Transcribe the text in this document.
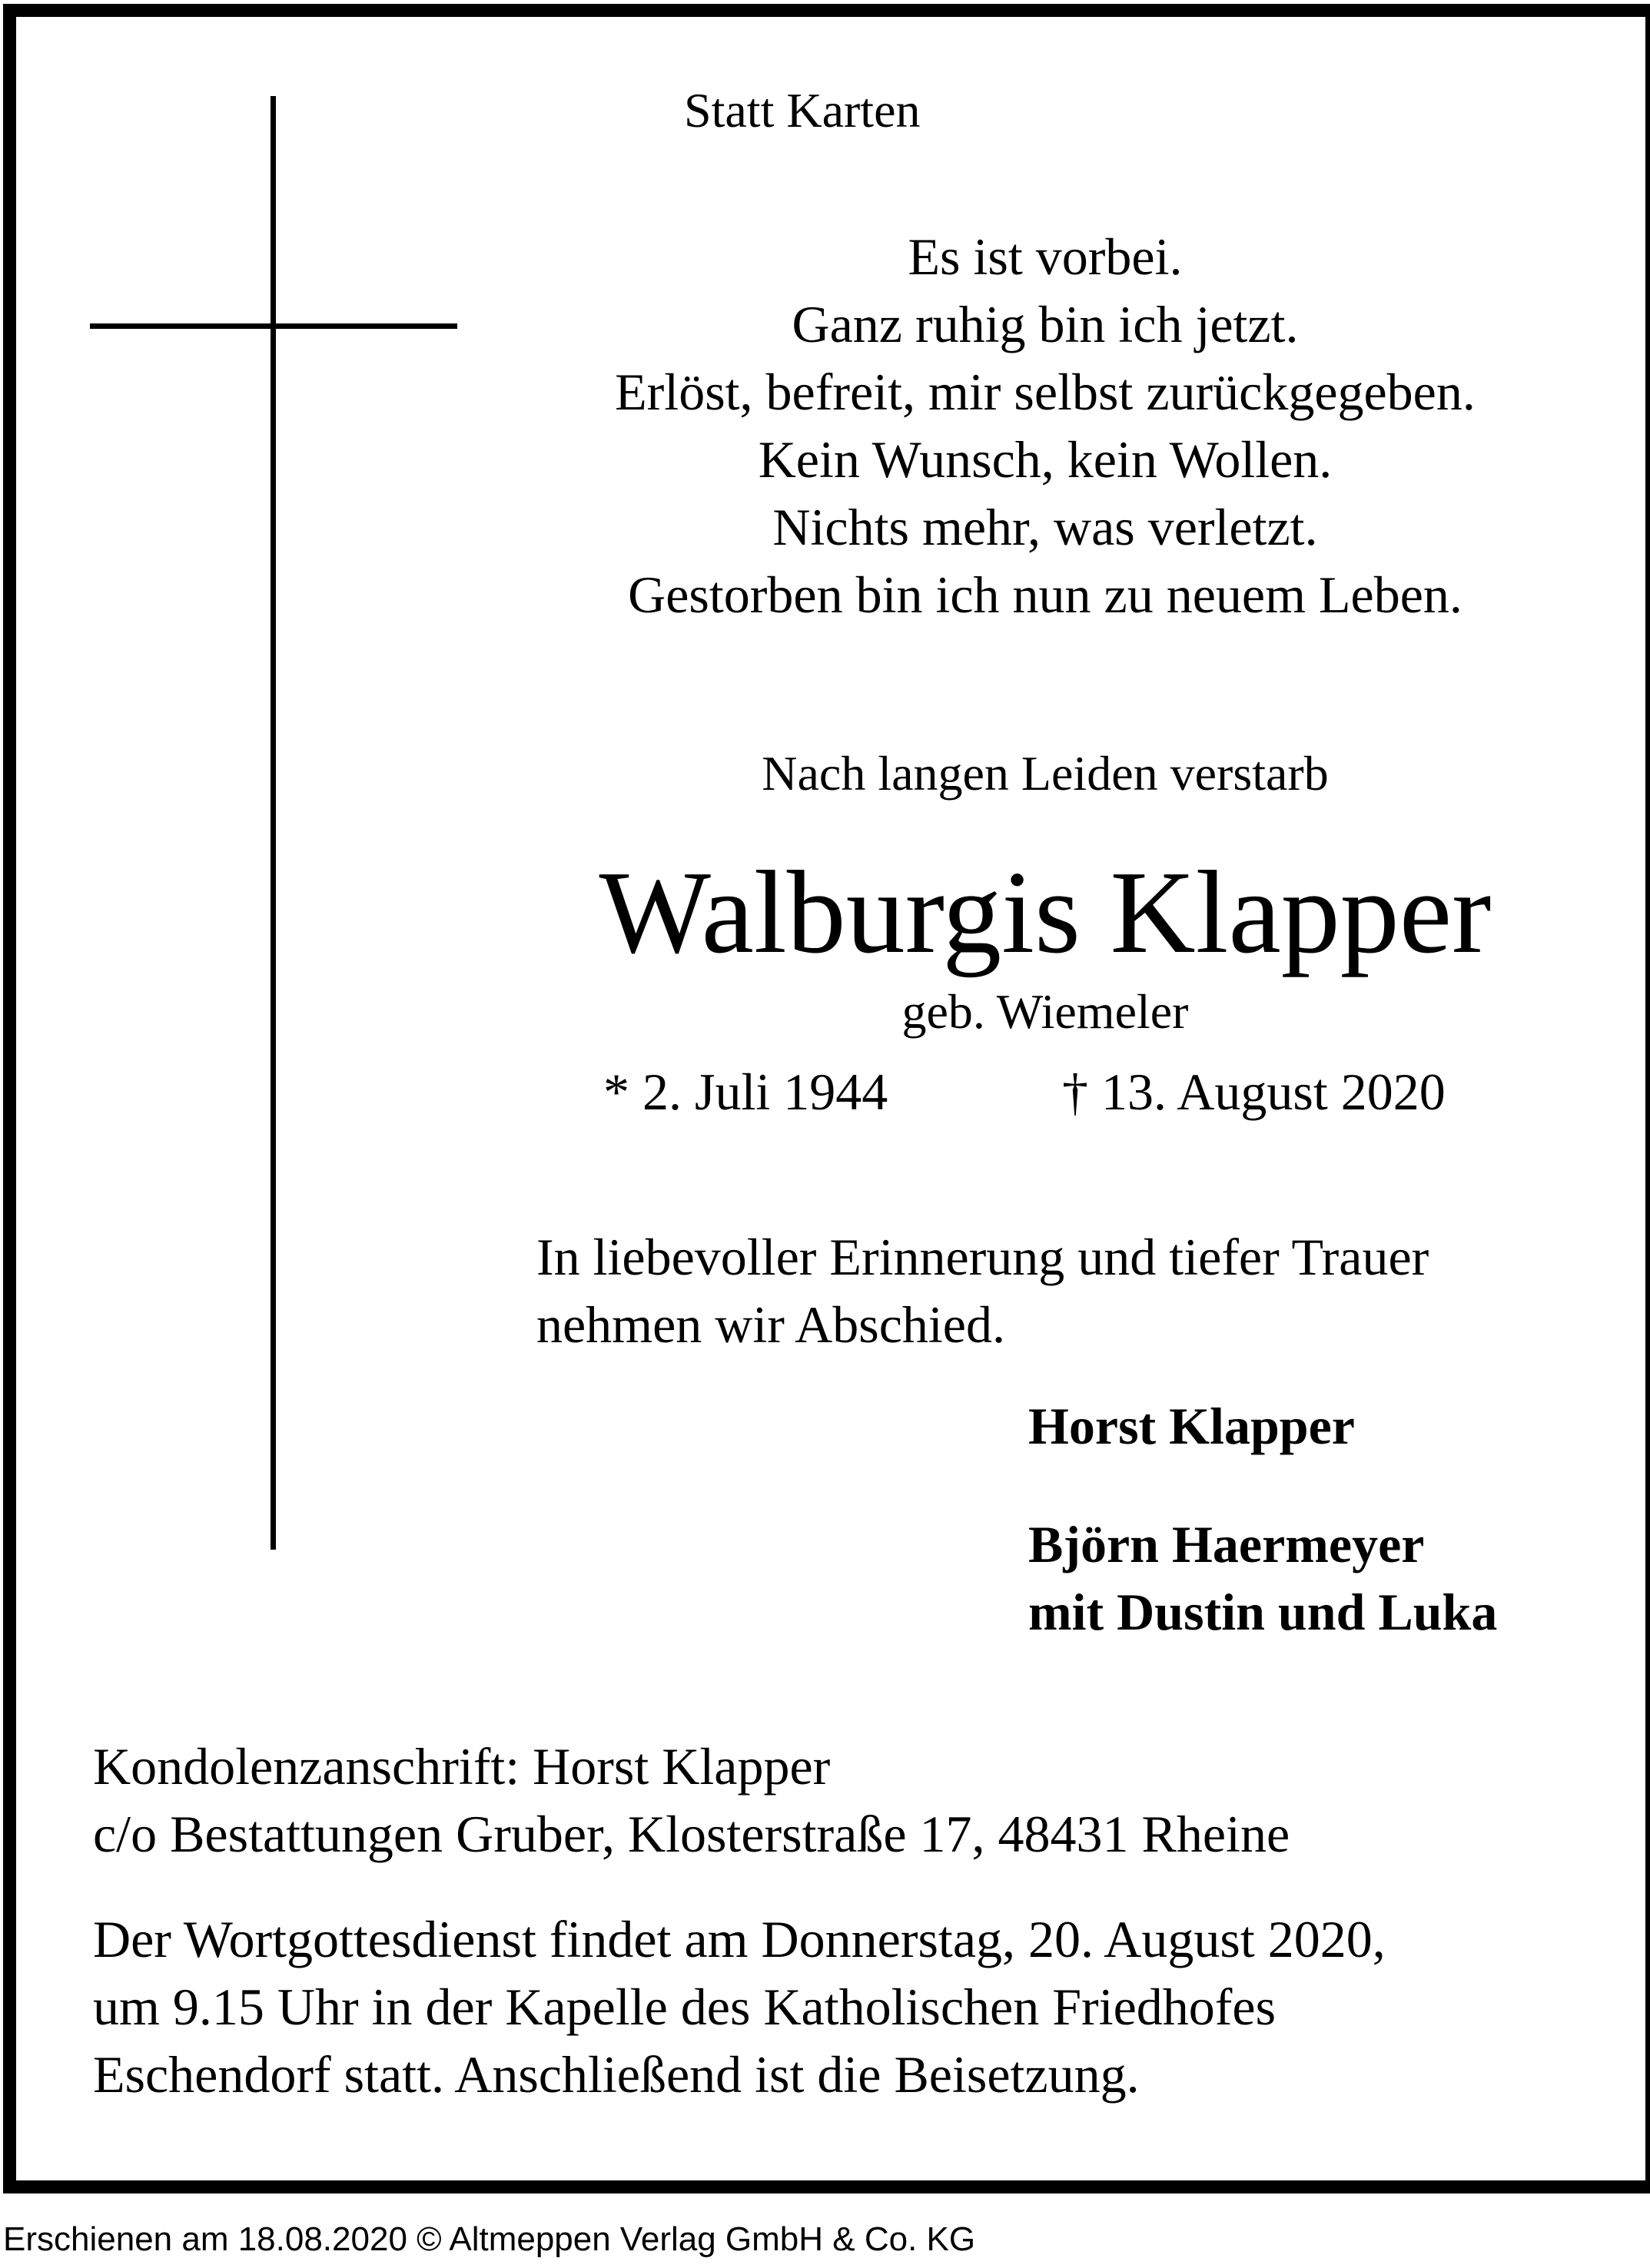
Statt Karten
Es ist vorbei.
Ganz ruhig bin ich jetzt.
Erlöst, befreit, mir selbst zurückgegeben.
Kein Wunsch, kein Wollen.
Nichts mehr, was verletzt.
Gestorben bin ich nun zu neuem Leben.
Nach langen Leiden verstarb
Walburgis Klapper
geb. Wiemeler
* 2. Juli 1944	† 13. August 2020
In liebevoller Erinnerung und tiefer Trauer
nehmen wir Abschied.
Horst Klapper
Björn Haermeyer
mit Dustin und Luka
Kondolenzanschrift: Horst Klapper
c/o Bestattungen Gruber, Klosterstraße 17, 48431 Rheine
Der Wortgottesdienst findet am Donnerstag, 20. August 2020,
um 9.15 Uhr in der Kapelle des Katholischen Friedhofes
Eschendorf statt. Anschließend ist die Beisetzung.
Erschienen am 18.08.2020 © Altmeppen Verlag GmbH & Co. KG
